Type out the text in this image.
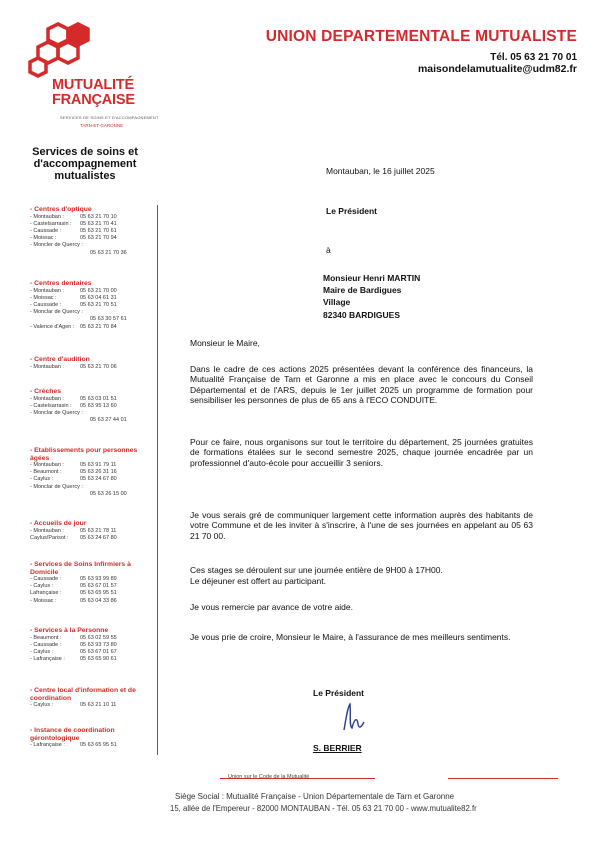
MUTUALITÉ
FRANÇAISE
SERVICES DE SOINS ET D'ACCOMPAGNEMENT
TARN-ET-GARONNE
UNION DEPARTEMENTALE MUTUALISTE
Tél. 05 63 21 70 01
maisondelamutualite@udm82.fr
Services de soins et
d'accompagnement
mutualistes
- Centres d'optique
- Montauban :	05 63 21 70 10
- Castelsarrasin : 05 63 21 70 41
- Caussade :	05 63 21 70 61
- Moissac :	05 63 21 70 94
- Moncler de Quercy :
05 63 21 70 36
- Centres dentaires
- Montauban :	05 63 21 70 00
- Moissac :	05 63 04 61 31
- Caussade :	05 63 21 70 51
- Monclar de Quercy :
05 63 30 57 61
- Valence d'Agen : 05 63 21 70 84
- Centre d'audition
- Montauban :	05 63 21 70 06
- Crèches
- Montauban :	05 63 03 01 51
- Castelsarrasin : 05 63 95 13 60
- Monclar de Quercy :
05 63 27 44 01
- Etablissements pour personnes âgées
- Montauban :	05 63 91 79 11
- Beaumont :	05 63 26 31 16
- Caylus :	05 63 24 67 80
- Monclar de Quercy :
05 63 26 15 00
- Accueils de jour
- Montauban :	05 63 21 78 11
Caylus/Parisot : 05 63 24 67 80
- Services de Soins Infirmiers à Domicile
- Caussade :	05 63 93 99 89
- Caylus :	05 63 67 01 57
Lafrançaise :	05 63 65 95 51
- Moissac :	05 63 04 33 86
- Services à la Personne
- Beaumont :	05 63 02 59 55
- Caussade :	05 63 93 73 80
- Caylus :	05 63 67 01 67
- Lafrançaise :	05 63 65 90 61
- Centre local d'information et de coordination
- Caylus :	05 63 21 10 11
- Instance de coordination gérontologique
- Lafrançaise :	05 63 65 95 51
Montauban, le 16 juillet 2025
Le Président
à
Monsieur Henri MARTIN
Maire de Bardigues
Village
82340 BARDIGUES
Monsieur le Maire,
Dans le cadre de ces actions 2025 présentées devant la conférence des financeurs, la Mutualité Française de Tarn et Garonne a mis en place avec le concours du Conseil Départemental et de l'ARS, depuis le 1er juillet 2025 un programme de formation pour sensibiliser les personnes de plus de 65 ans à l'ECO CONDUITE.
Pour ce faire, nous organisons sur tout le territoire du département, 25 journées gratuites de formations étalées sur le second semestre 2025, chaque journée encadrée par un professionnel d'auto-école pour accueillir 3 seniors.
Je vous serais gré de communiquer largement cette information auprès des habitants de votre Commune et de les inviter à s'inscrire, à l'une de ses journées en appelant au 05 63 21 70 00.
Ces stages se déroulent sur une journée entière de 9H00 à 17H00.
Le déjeuner est offert au participant.
Je vous remercie par avance de votre aide.
Je vous prie de croire, Monsieur le Maire, à l'assurance de mes meilleurs sentiments.
Le Président
S. BERRIER
Union sur le Code de la Mutualité
Siège Social : Mutualité Française - Union Départementale de Tarn et Garonne
15, allée de l'Empereur - 82000 MONTAUBAN - Tél. 05 63 21 70 00 - www.mutualite82.fr
